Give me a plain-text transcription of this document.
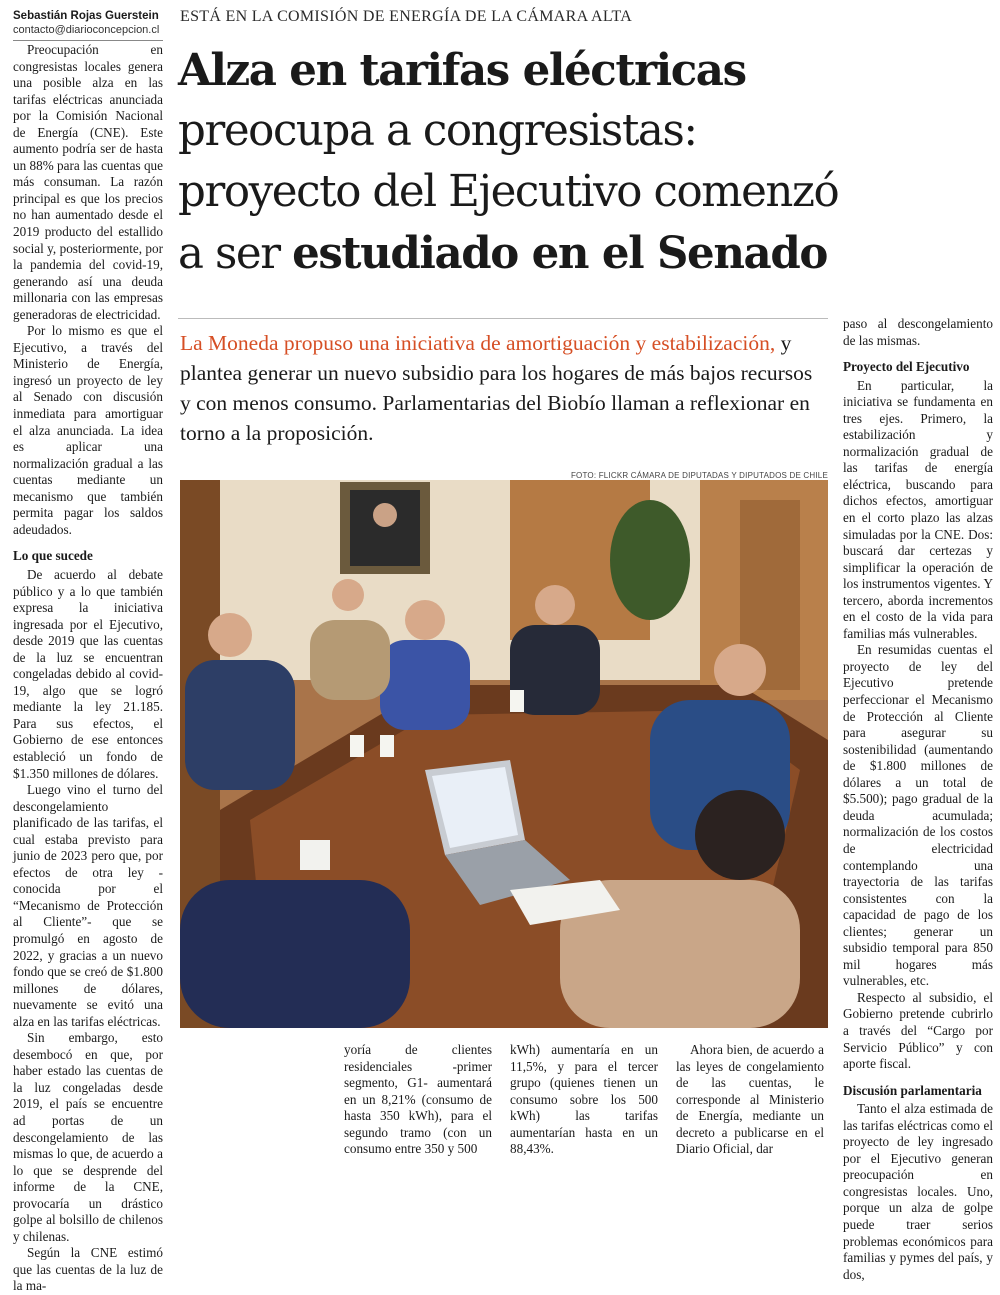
Sebastián Rojas Guerstein
contacto@diarioconcepcion.cl
ESTÁ EN LA COMISIÓN DE ENERGÍA DE LA CÁMARA ALTA
Alza en tarifas eléctricas
preocupa a congresistas:
proyecto del Ejecutivo comenzó
a ser estudiado en el Senado
La Moneda propuso una iniciativa de amortiguación y estabilización, y plantea generar un nuevo subsidio para los hogares de más bajos recursos y con menos consumo. Parlamentarias del Biobío llaman a reflexionar en torno a la proposición.
FOTO: FLICKR CÁMARA DE DIPUTADAS Y DIPUTADOS DE CHILE

Preocupación en congresistas locales genera una posible alza en las tarifas eléctricas anunciada por la Comisión Nacional de Energía (CNE). Este aumento podría ser de hasta un 88% para las cuentas que más consuman. La razón principal es que los precios no han aumentado desde el 2019 producto del estallido social y, posteriormente, por la pandemia del covid-19, generando así una deuda millonaria con las empresas generadoras de electricidad.

Por lo mismo es que el Ejecutivo, a través del Ministerio de Energía, ingresó un proyecto de ley al Senado con discusión inmediata para amortiguar el alza anunciada. La idea es aplicar una normalización gradual a las cuentas mediante un mecanismo que también permita pagar los saldos adeudados.

Lo que sucede

De acuerdo al debate público y a lo que también expresa la iniciativa ingresada por el Ejecutivo, desde 2019 que las cuentas de la luz se encuentran congeladas debido al covid-19, algo que se logró mediante la ley 21.185. Para sus efectos, el Gobierno de ese entonces estableció un fondo de $1.350 millones de dólares.

Luego vino el turno del descongelamiento planificado de las tarifas, el cual estaba previsto para junio de 2023 pero que, por efectos de otra ley -conocida por el “Mecanismo de Protección al Cliente”- que se promulgó en agosto de 2022, y gracias a un nuevo fondo que se creó de $1.800 millones de dólares, nuevamente se evitó una alza en las tarifas eléctricas.

Sin embargo, esto desembocó en que, por haber estado las cuentas de la luz congeladas desde 2019, el país se encuentre ad portas de un descongelamiento de las mismas lo que, de acuerdo a lo que se desprende del informe de la CNE, provocaría un drástico golpe al bolsillo de chilenos y chilenas.

Según la CNE estimó que las cuentas de la luz de la ma-

yoría de clientes residenciales -primer segmento, G1- aumentará en un 8,21% (consumo de hasta 350 kWh), para el segundo tramo (con un consumo entre 350 y 500

kWh) aumentaría en un 11,5%, y para el tercer grupo (quienes tienen un consumo sobre los 500 kWh) las tarifas aumentarían hasta en un 88,43%.

Ahora bien, de acuerdo a las leyes de congelamiento de las cuentas, le corresponde al Ministerio de Energía, mediante un decreto a publicarse en el Diario Oficial, dar

paso al descongelamiento de las mismas.

Proyecto del Ejecutivo

En particular, la iniciativa se fundamenta en tres ejes. Primero, la estabilización y normalización gradual de las tarifas de energía eléctrica, buscando para dichos efectos, amortiguar en el corto plazo las alzas simuladas por la CNE. Dos: buscará dar certezas y simplificar la operación de los instrumentos vigentes. Y tercero, aborda incrementos en el costo de la vida para familias más vulnerables.

En resumidas cuentas el proyecto de ley del Ejecutivo pretende perfeccionar el Mecanismo de Protección al Cliente para asegurar su sostenibilidad (aumentando de $1.800 millones de dólares a un total de $5.500); pago gradual de la deuda acumulada; normalización de los costos de electricidad contemplando una trayectoria de las tarifas consistentes con la capacidad de pago de los clientes; generar un subsidio temporal para 850 mil hogares más vulnerables, etc.

Respecto al subsidio, el Gobierno pretende cubrirlo a través del “Cargo por Servicio Público” y con aporte fiscal.

Discusión parlamentaria

Tanto el alza estimada de las tarifas eléctricas como el proyecto de ley ingresado por el Ejecutivo generan preocupación en congresistas locales. Uno, porque un alza de golpe puede traer serios problemas económicos para familias y pymes del país, y dos,
